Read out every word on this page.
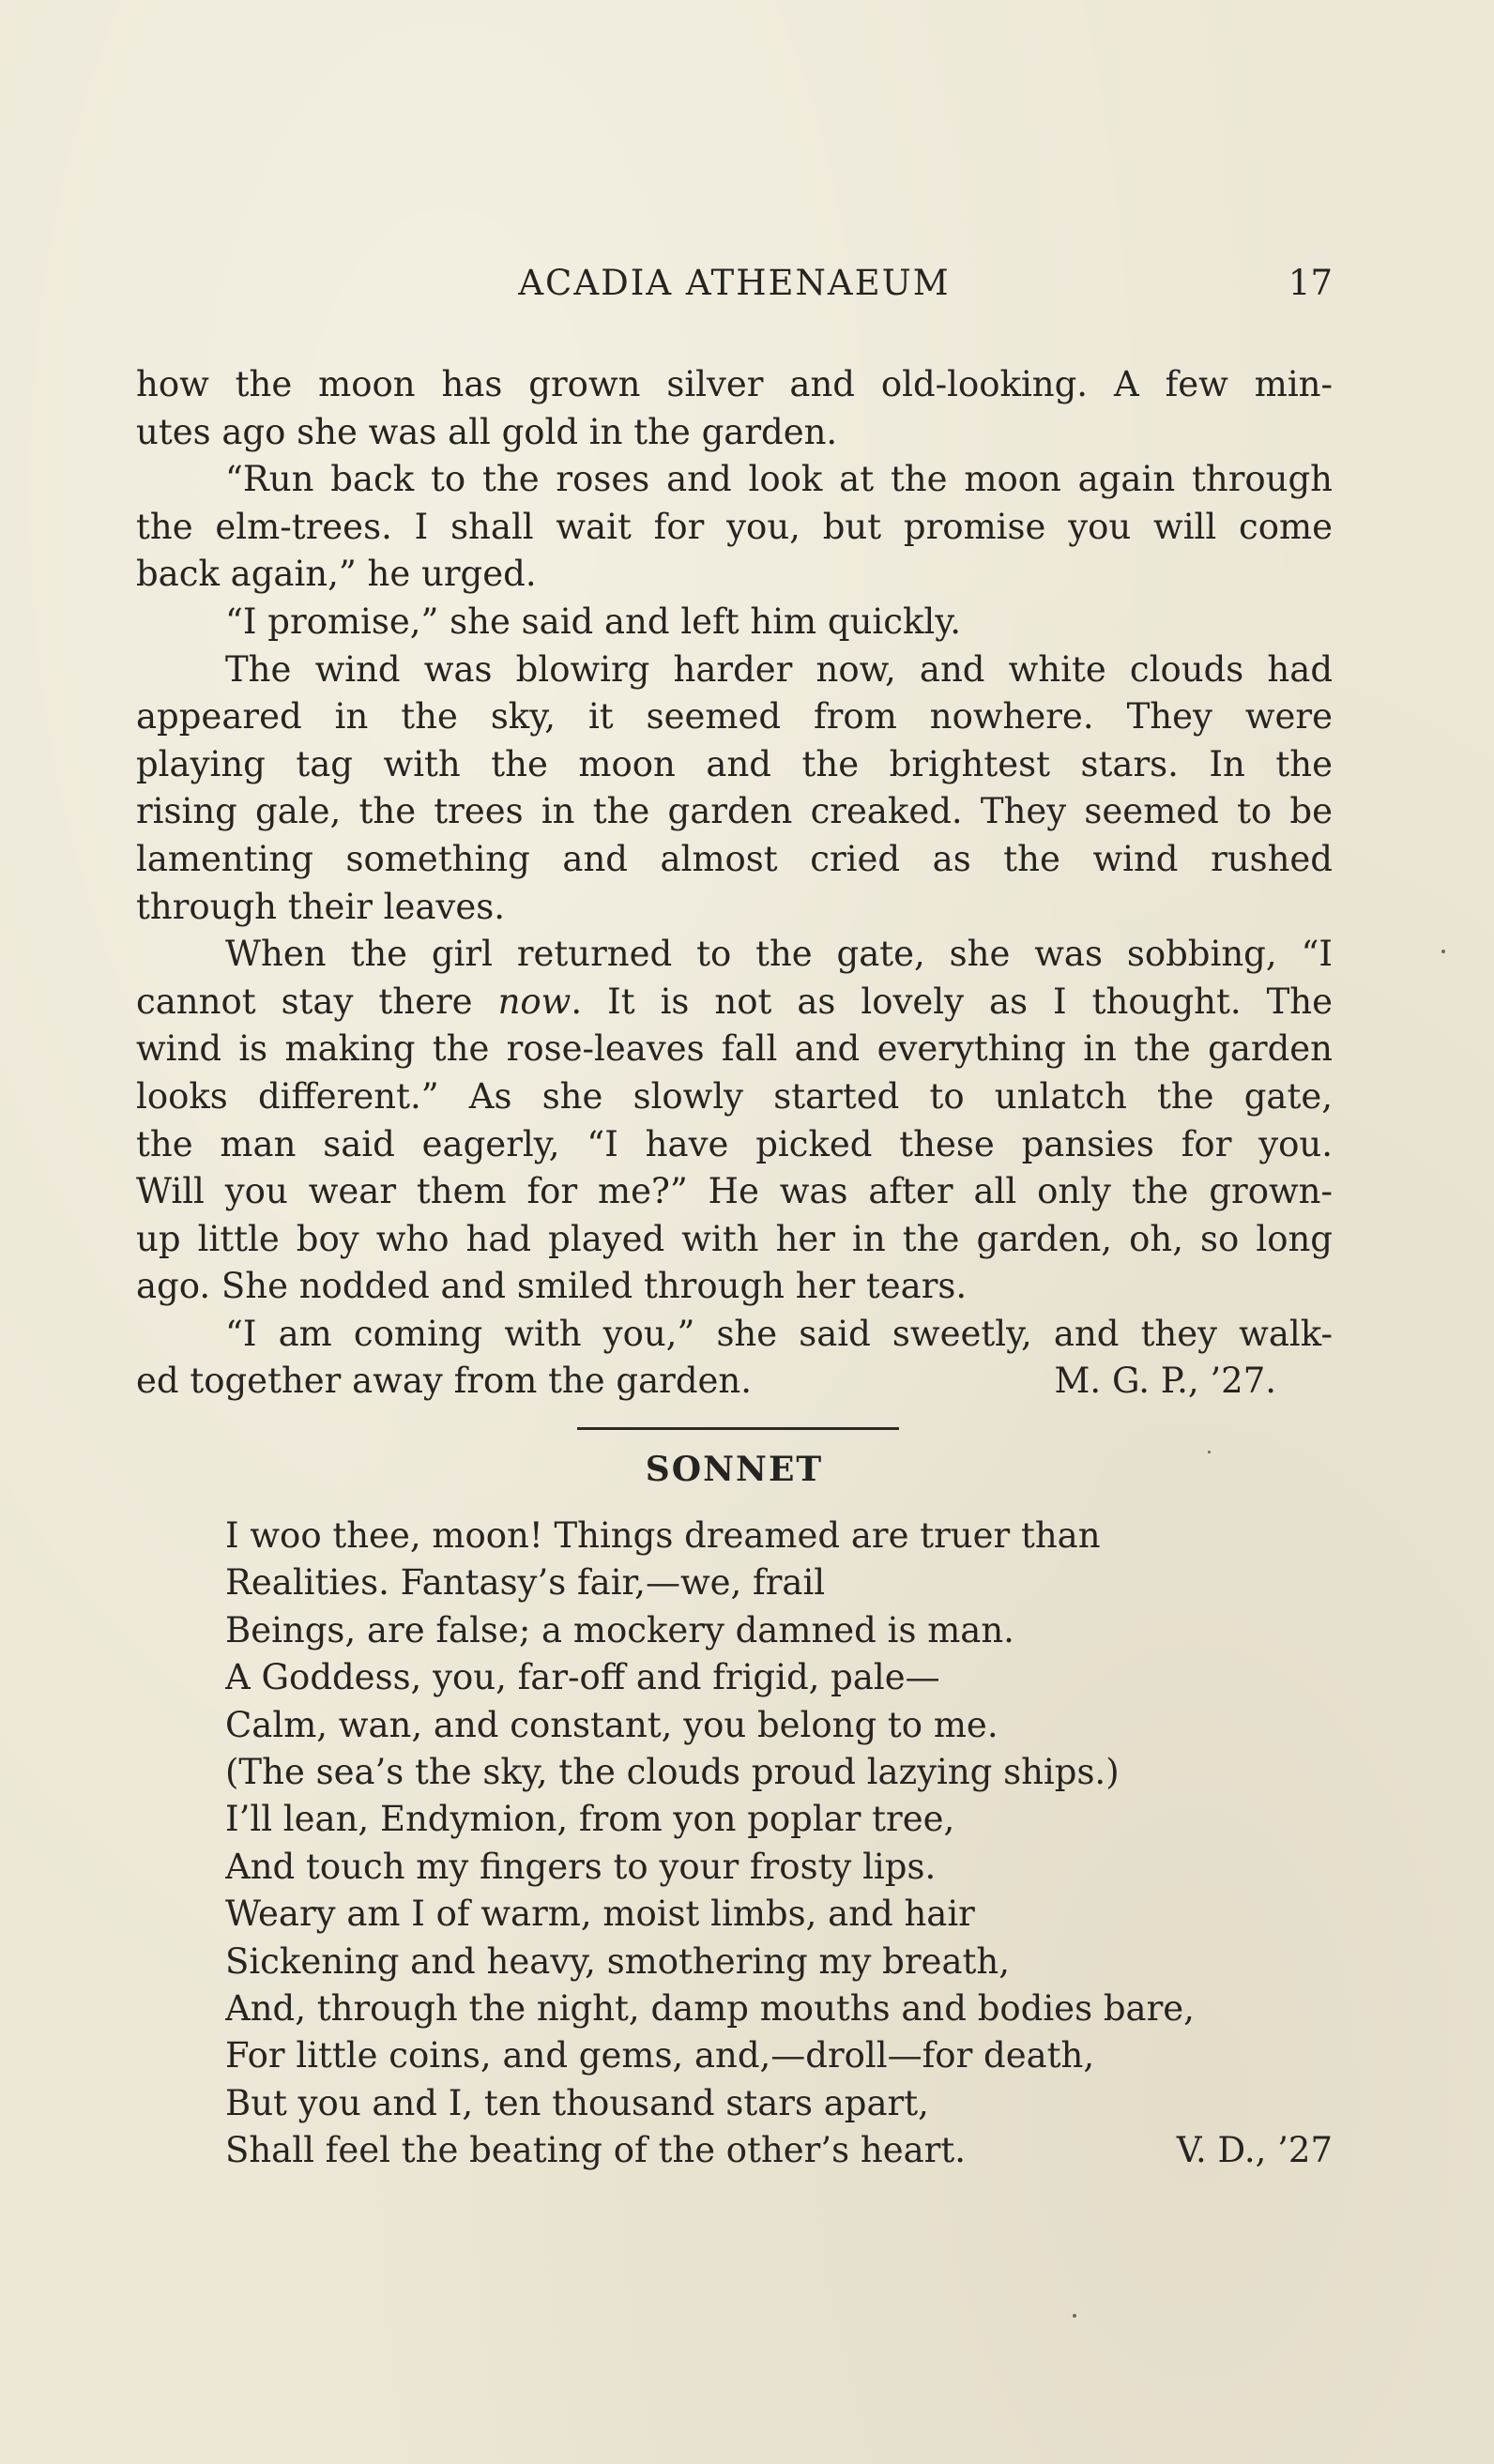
ACADIA ATHENAEUM	17
how the moon has grown silver and old-looking. A few min-
utes ago she was all gold in the garden.
“Run back to the roses and look at the moon again through
the elm-trees. I shall wait for you, but promise you will come
back again,” he urged.
“I promise,” she said and left him quickly.
The wind was blowirg harder now, and white clouds had
appeared in the sky, it seemed from nowhere. They were
playing tag with the moon and the brightest stars. In the
rising gale, the trees in the garden creaked. They seemed to be
lamenting something and almost cried as the wind rushed
through their leaves.
When the girl returned to the gate, she was sobbing, “I
cannot stay there now. It is not as lovely as I thought. The
wind is making the rose-leaves fall and everything in the garden
looks different.” As she slowly started to unlatch the gate,
the man said eagerly, “I have picked these pansies for you.
Will you wear them for me?” He was after all only the grown-
up little boy who had played with her in the garden, oh, so long
ago. She nodded and smiled through her tears.
“I am coming with you,” she said sweetly, and they walk-
ed together away from the garden.	M. G. P., ’27.
SONNET
I woo thee, moon! Things dreamed are truer than
Realities. Fantasy’s fair,—we, frail
Beings, are false; a mockery damned is man.
A Goddess, you, far-off and frigid, pale—
Calm, wan, and constant, you belong to me.
(The sea’s the sky, the clouds proud lazying ships.)
I’ll lean, Endymion, from yon poplar tree,
And touch my fingers to your frosty lips.
Weary am I of warm, moist limbs, and hair
Sickening and heavy, smothering my breath,
And, through the night, damp mouths and bodies bare,
For little coins, and gems, and,—droll—for death,
But you and I, ten thousand stars apart,
Shall feel the beating of the other’s heart.	V. D., ’27
